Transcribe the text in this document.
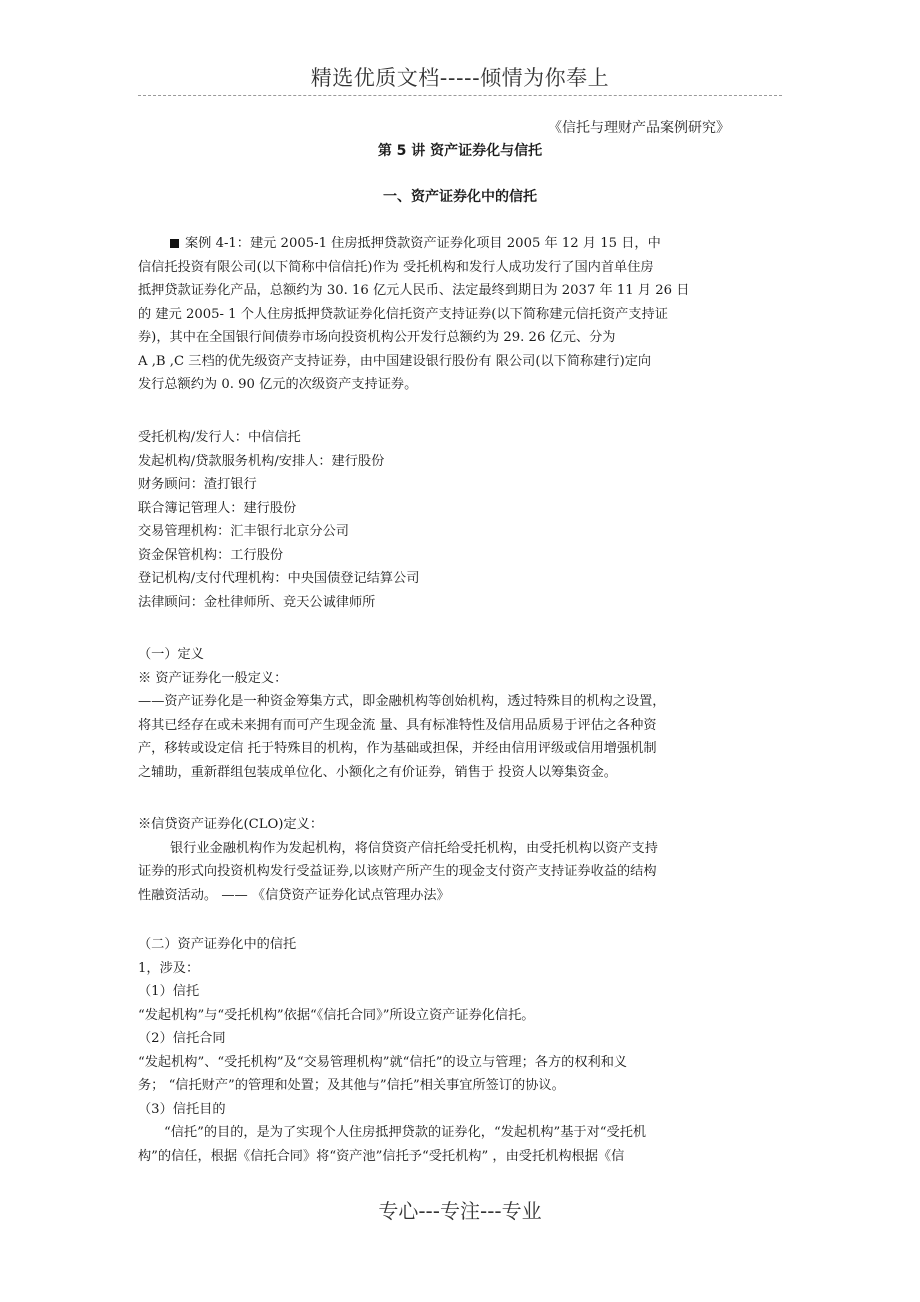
精选优质文档-----倾情为你奉上
《信托与理财产品案例研究》
第 5 讲 资产证券化与信托
一、资产证券化中的信托
案例 4-1：建元 2005-1 住房抵押贷款资产证券化项目 2005 年 12 月 15 日，中
信信托投资有限公司(以下简称中信信托)作为 受托机构和发行人成功发行了国内首单住房
抵押贷款证券化产品，总额约为 30. 16 亿元人民币、法定最终到期日为 2037 年 11 月 26 日
的 建元 2005- 1 个人住房抵押贷款证券化信托资产支持证券(以下简称建元信托资产支持证
券)，其中在全国银行间债券市场向投资机构公开发行总额约为 29. 26 亿元、分为
A ,B ,C 三档的优先级资产支持证券，由中国建设银行股份有 限公司(以下简称建行)定向
发行总额约为 0. 90 亿元的次级资产支持证券。
受托机构/发行人：中信信托
发起机构/贷款服务机构/安排人：建行股份
财务顾问：渣打银行
联合簿记管理人：建行股份
交易管理机构：汇丰银行北京分公司
资金保管机构：工行股份
登记机构/支付代理机构：中央国债登记结算公司
法律顾问：金杜律师所、竞天公诚律师所
（一）定义
※ 资产证券化一般定义：
——资产证券化是一种资金筹集方式，即金融机构等创始机构，透过特殊目的机构之设置，
将其已经存在或未来拥有而可产生现金流 量、具有标准特性及信用品质易于评估之各种资
产，移转或设定信 托于特殊目的机构，作为基础或担保，并经由信用评级或信用增强机制
之辅助，重新群组包装成单位化、小额化之有价证券，销售于 投资人以筹集资金。
※信贷资产证券化(CLO)定义：
银行业金融机构作为发起机构，将信贷资产信托给受托机构，由受托机构以资产支持
证券的形式向投资机构发行受益证券,以该财产所产生的现金支付资产支持证券收益的结构
性融资活动。 —— 《信贷资产证券化试点管理办法》
（二）资产证券化中的信托
1，涉及：
（1）信托
“发起机构”与“受托机构”依据“《信托合同》”所设立资产证券化信托。
（2）信托合同
“发起机构”、“受托机构”及“交易管理机构”就“信托”的设立与管理；各方的权利和义
务； “信托财产”的管理和处置；及其他与”信托”相关事宜所签订的协议。
（3）信托目的
“信托”的目的，是为了实现个人住房抵押贷款的证券化，“发起机构”基于对“受托机
构”的信任，根据《信托合同》将“资产池”信托予“受托机构” ，由受托机构根据《信
专心---专注---专业
